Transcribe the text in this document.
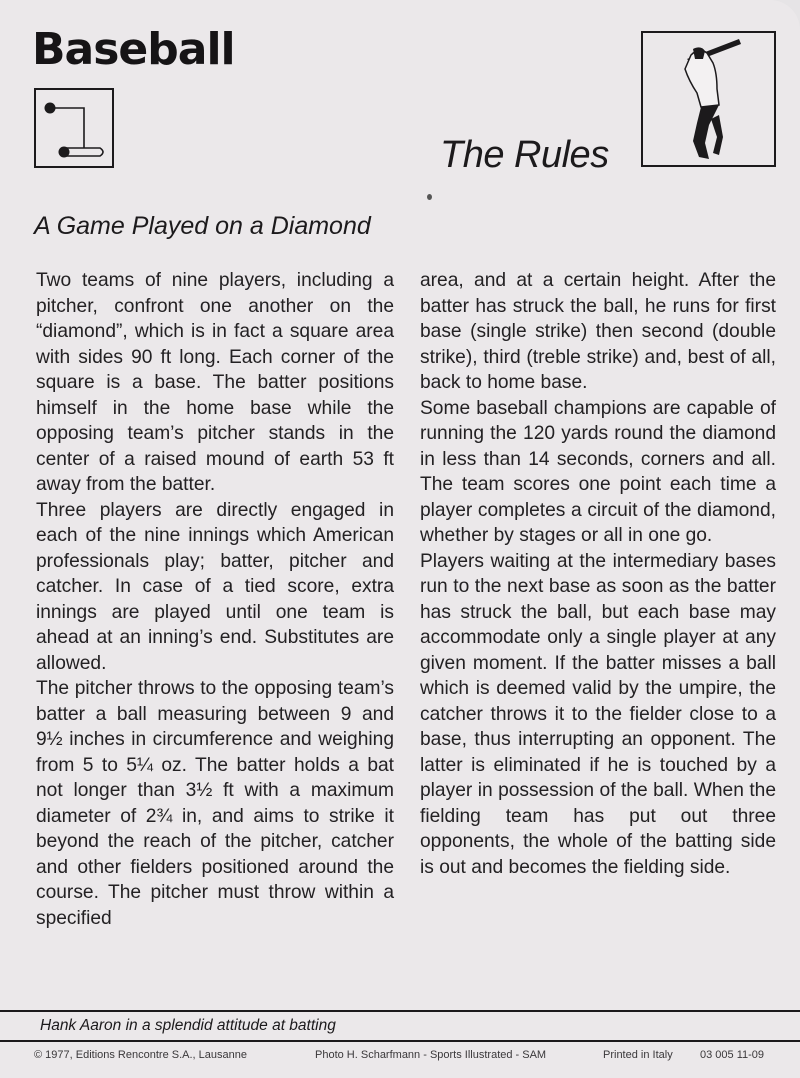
Baseball
The Rules
A Game Played on a Diamond

Two teams of nine players, including a pitcher, confront one another on the “diamond”, which is in fact a square area with sides 90 ft long. Each corner of the square is a base. The batter positions himself in the home base while the opposing team’s pitcher stands in the center of a raised mound of earth 53 ft away from the batter.

Three players are directly engaged in each of the nine innings which American professionals play; batter, pitcher and catcher. In case of a tied score, extra innings are played until one team is ahead at an inning’s end. Substitutes are allowed.

The pitcher throws to the opposing team’s batter a ball measuring between 9 and 9½ inches in circumference and weighing from 5 to 5¼ oz. The batter holds a bat not longer than 3½ ft with a maximum diameter of 2¾ in, and aims to strike it beyond the reach of the pitcher, catcher and other fielders positioned around the course. The pitcher must throw within a specified

area, and at a certain height. After the batter has struck the ball, he runs for first base (single strike) then second (double strike), third (treble strike) and, best of all, back to home base.

Some baseball champions are capable of running the 120 yards round the diamond in less than 14 seconds, corners and all. The team scores one point each time a player completes a circuit of the diamond, whether by stages or all in one go.

Players waiting at the intermediary bases run to the next base as soon as the batter has struck the ball, but each base may accommodate only a single player at any given moment. If the batter misses a ball which is deemed valid by the umpire, the catcher throws it to the fielder close to a base, thus interrupting an opponent. The latter is eliminated if he is touched by a player in possession of the ball. When the fielding team has put out three opponents, the whole of the batting side is out and becomes the fielding side.

Hank Aaron in a splendid attitude at batting
© 1977, Editions Rencontre S.A., Lausanne	Photo H. Scharfmann - Sports Illustrated - SAM	Printed in Italy 03 005 11-09
